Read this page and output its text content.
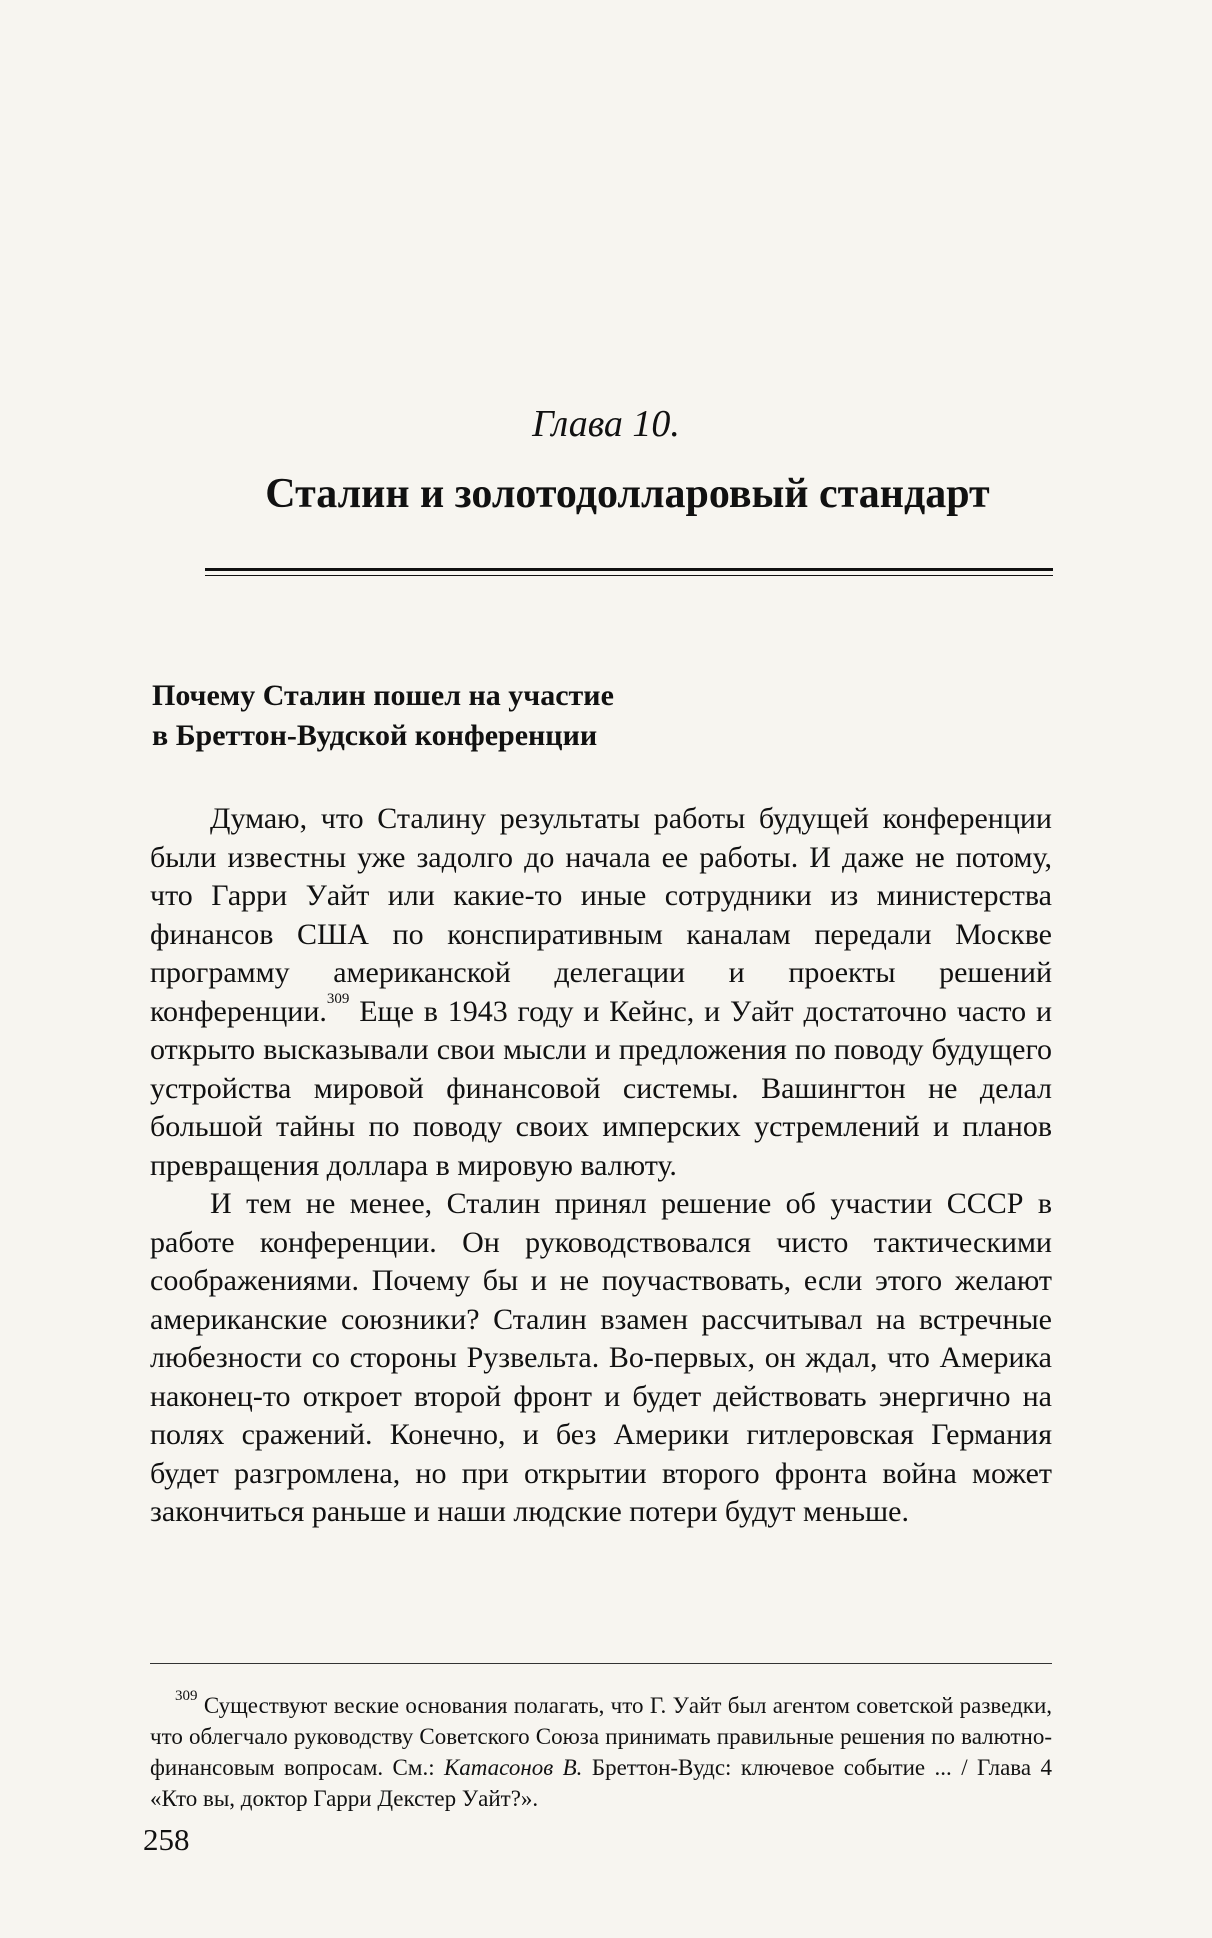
Глава 10.
Сталин и золотодолларовый стандарт
Почему Сталин пошел на участие
в Бреттон-Вудской конференции

Думаю, что Сталину результаты работы будущей конференции были известны уже задолго до начала ее работы. И даже не потому, что Гарри Уайт или какие-то иные сотрудники из министерства финансов США по конспиративным каналам передали Москве программу американской делегации и проекты решений конференции.$^{309}$ Еще в 1943 году и Кейнс, и Уайт достаточно часто и открыто высказывали свои мысли и предложения по поводу будущего устройства мировой финансовой системы. Вашингтон не делал большой тайны по поводу своих имперских устремлений и планов превращения доллара в мировую валюту.

И тем не менее, Сталин принял решение об участии СССР в работе конференции. Он руководствовался чисто тактическими соображениями. Почему бы и не поучаствовать, если этого желают американские союзники? Сталин взамен рассчитывал на встречные любезности со стороны Рузвельта. Во-первых, он ждал, что Америка наконец-то откроет второй фронт и будет действовать энергично на полях сражений. Конечно, и без Америки гитлеровская Германия будет разгромлена, но при открытии второго фронта война может закончиться раньше и наши людские потери будут меньше.

$^{309}$ Существуют веские основания полагать, что Г. Уайт был агентом советской разведки, что облегчало руководству Советского Союза принимать правильные решения по валютно-финансовым вопросам. См.: Катасонов В. Бреттон-Вудс: ключевое событие ... / Глава 4 «Кто вы, доктор Гарри Декстер Уайт?».
258
